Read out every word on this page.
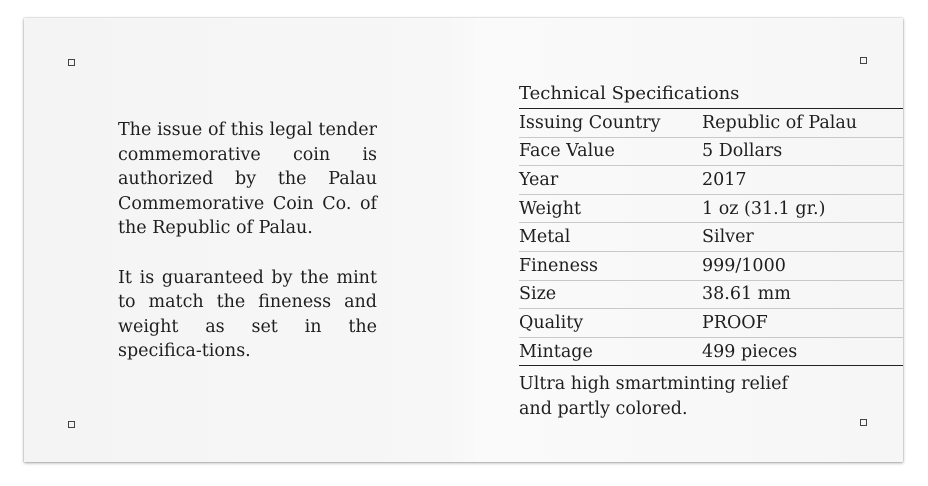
The issue of this legal tender commemorative coin is authorized by the Palau Commemorative Coin Co. of the Republic of Palau.

It is guaranteed by the mint to match the fineness and weight as set in the specifica-tions.

Technical Specifications
Issuing Country	Republic of Palau
Face Value	5 Dollars
Year	2017
Weight	1 oz (31.1 gr.)
Metal	Silver
Fineness	999/1000
Size	38.61 mm
Quality	PROOF
Mintage	499 pieces
Ultra high smartminting relief
and partly colored.
